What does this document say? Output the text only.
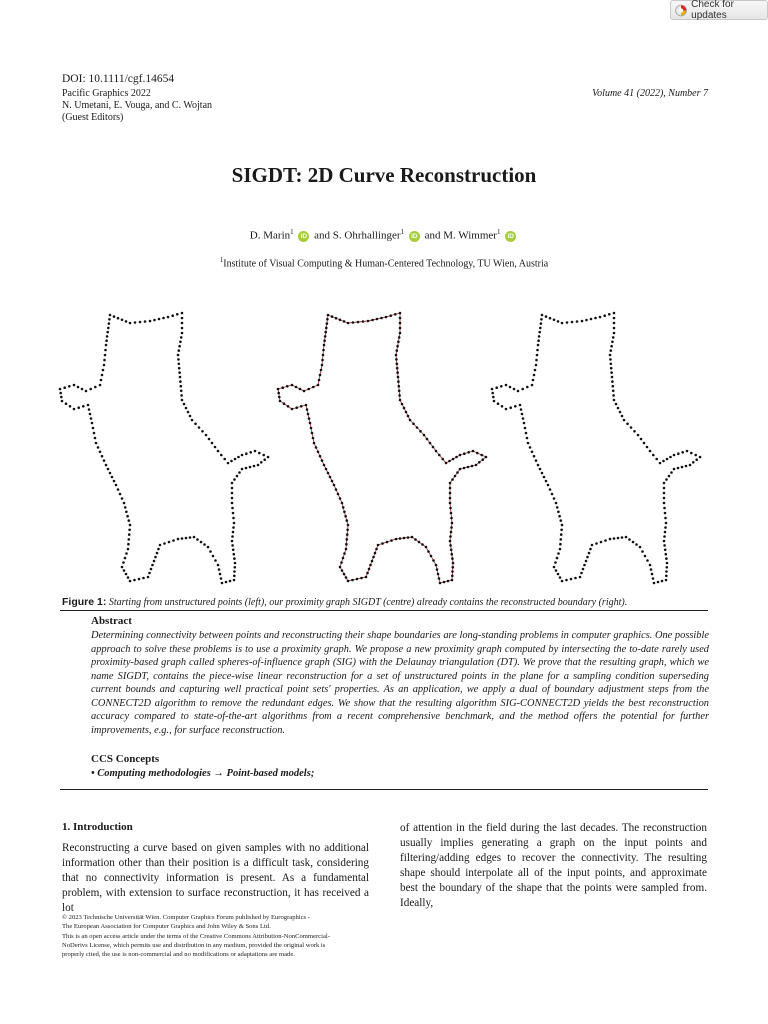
Check for updates
DOI: 10.1111/cgf.14654
Pacific Graphics 2022
N. Umetani, E. Vouga, and C. Wojtan
(Guest Editors)
Volume 41 (2022), Number 7
SIGDT: 2D Curve Reconstruction
D. Marin$^1$ iD and S. Ohrhallinger$^1$ iD and M. Wimmer$^1$ iD
$^1$Institute of Visual Computing & Human-Centered Technology, TU Wien, Austria
Figure 1: Starting from unstructured points (left), our proximity graph SIGDT (centre) already contains the reconstructed boundary (right).
Abstract
Determining connectivity between points and reconstructing their shape boundaries are long-standing problems in computer graphics. One possible approach to solve these problems is to use a proximity graph. We propose a new proximity graph computed by intersecting the to-date rarely used proximity-based graph called spheres-of-influence graph (SIG) with the Delaunay triangulation (DT). We prove that the resulting graph, which we name SIGDT, contains the piece-wise linear reconstruction for a set of unstructured points in the plane for a sampling condition superseding current bounds and capturing well practical point sets' properties. As an application, we apply a dual of boundary adjustment steps from the CONNECT2D algorithm to remove the redundant edges. We show that the resulting algorithm SIG-CONNECT2D yields the best reconstruction accuracy compared to state-of-the-art algorithms from a recent comprehensive benchmark, and the method offers the potential for further improvements, e.g., for surface reconstruction.
CCS Concepts
• Computing methodologies → Point-based models;
1. Introduction
Reconstructing a curve based on given samples with no additional information other than their position is a difficult task, considering that no connectivity information is present. As a fundamental problem, with extension to surface reconstruction, it has received a lot
of attention in the field during the last decades. The reconstruction usually implies generating a graph on the input points and filtering/adding edges to recover the connectivity. The resulting shape should interpolate all of the input points, and approximate best the boundary of the shape that the points were sampled from. Ideally,
© 2023 Technische Universität Wien. Computer Graphics Forum published by Eurographics -
The European Association for Computer Graphics and John Wiley & Sons Ltd.
This is an open access article under the terms of the Creative Commons Attribution-NonCommercial-
NoDerivs License, which permits use and distribution in any medium, provided the original work is
properly cited, the use is non-commercial and no modifications or adaptations are made.
